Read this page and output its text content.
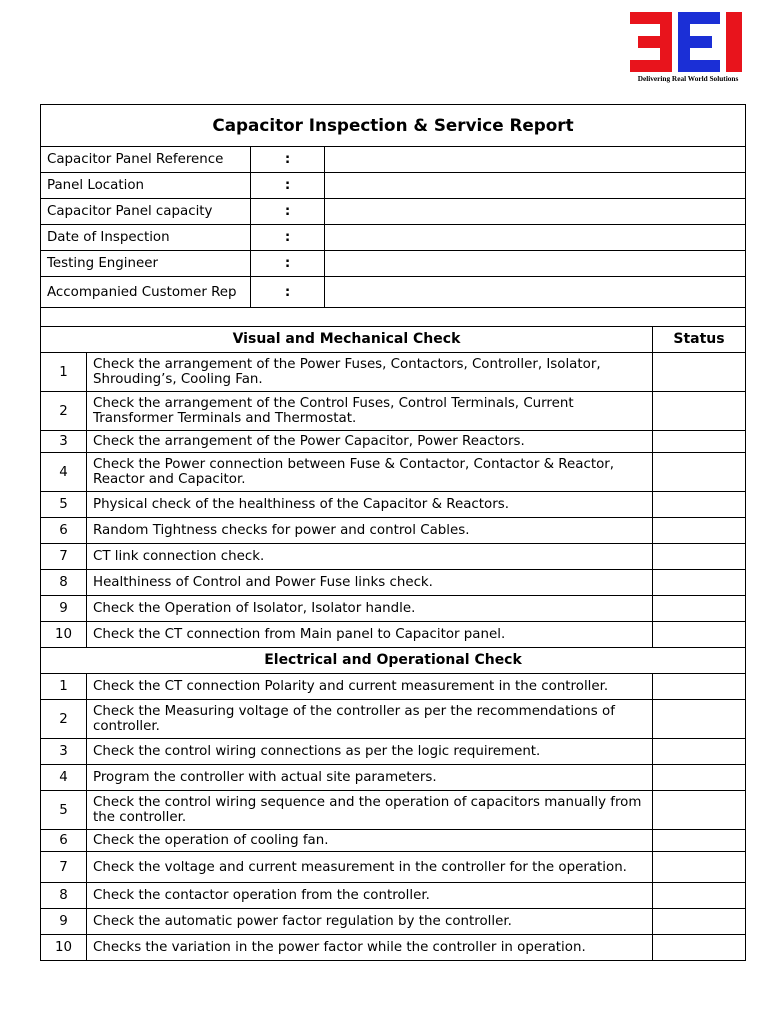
Delivering Real World Solutions
Capacitor Inspection & Service Report				
Capacitor Panel Reference		:		
Panel Location		:		
Capacitor Panel capacity		:		
Date of Inspection		:		
Testing Engineer		:		
Accompanied Customer Rep		:		

Visual and Mechanical Check				Status
1	Check the arrangement of the Power Fuses, Contactors, Controller, Isolator, Shrouding’s, Cooling Fan.			
2	Check the arrangement of the Control Fuses, Control Terminals, Current Transformer Terminals and Thermostat.			
3	Check the arrangement of the Power Capacitor, Power Reactors.			
4	Check the Power connection between Fuse & Contactor, Contactor & Reactor, Reactor and Capacitor.			
5	Physical check of the healthiness of the Capacitor & Reactors.			
6	Random Tightness checks for power and control Cables.			
7	CT link connection check.			
8	Healthiness of Control and Power Fuse links check.			
9	Check the Operation of Isolator, Isolator handle.			
10	Check the CT connection from Main panel to Capacitor panel.			
Electrical and Operational Check				
1	Check the CT connection Polarity and current measurement in the controller.			
2	Check the Measuring voltage of the controller as per the recommendations of controller.			
3	Check the control wiring connections as per the logic requirement.			
4	Program the controller with actual site parameters.			
5	Check the control wiring sequence and the operation of capacitors manually from the controller.			
6	Check the operation of cooling fan.			
7	Check the voltage and current measurement in the controller for the operation.			
8	Check the contactor operation from the controller.			
9	Check the automatic power factor regulation by the controller.			
10	Checks the variation in the power factor while the controller in operation.			
